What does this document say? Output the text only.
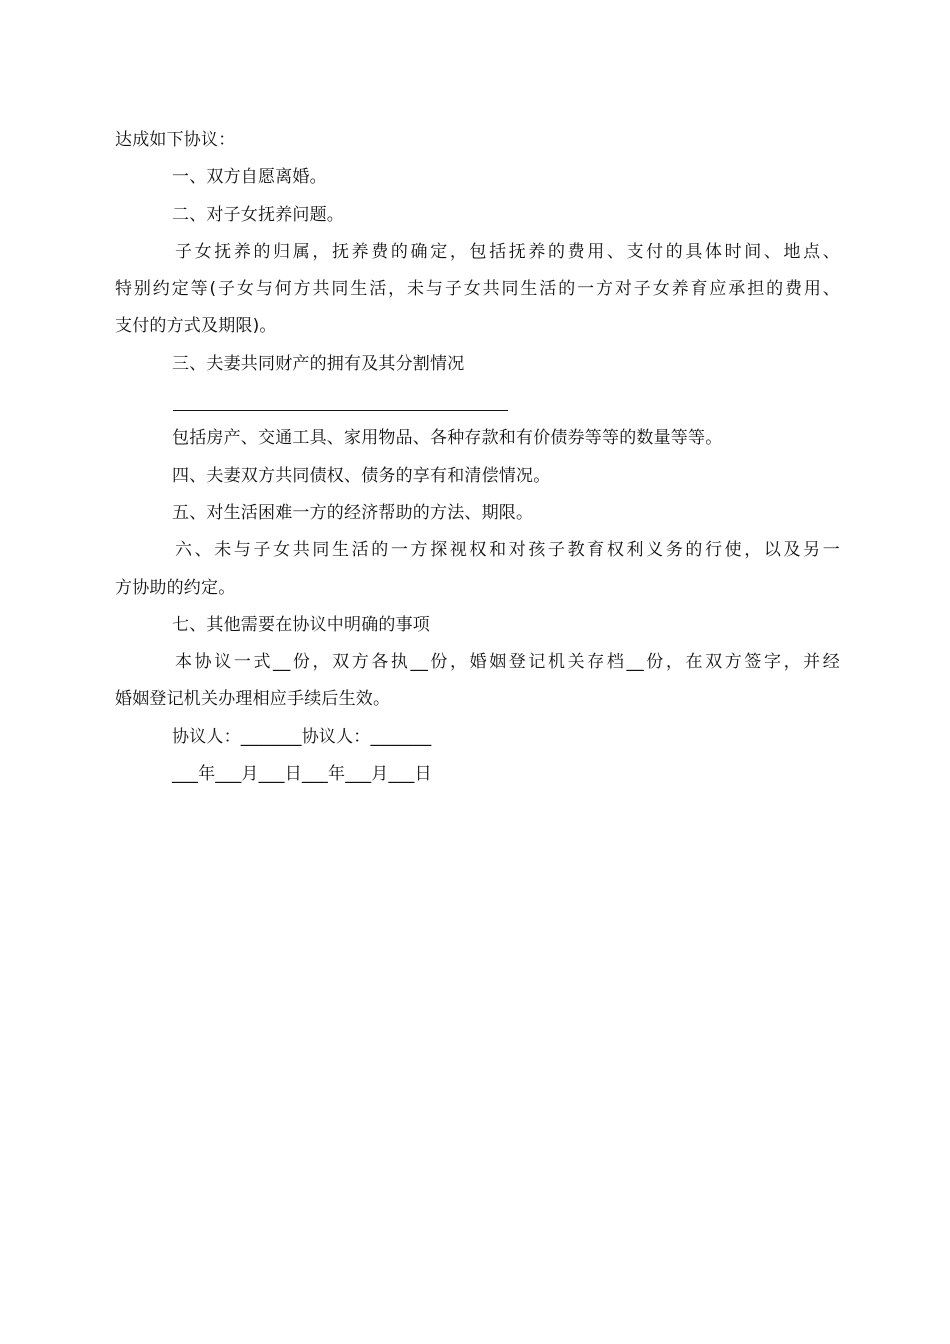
达成如下协议：
一、双方自愿离婚。
二、对子女抚养问题。
子女抚养的归属，抚养费的确定，包括抚养的费用、支付的具体时间、地点、
特别约定等(子女与何方共同生活，未与子女共同生活的一方对子女养育应承担的费用、
支付的方式及期限)。
三、夫妻共同财产的拥有及其分割情况
包括房产、交通工具、家用物品、各种存款和有价债券等等的数量等等。
四、夫妻双方共同债权、债务的享有和清偿情况。
五、对生活困难一方的经济帮助的方法、期限。
六、未与子女共同生活的一方探视权和对孩子教育权利义务的行使，以及另一
方协助的约定。
七、其他需要在协议中明确的事项
本协议一式__份，双方各执__份，婚姻登记机关存档__份，在双方签字，并经
婚姻登记机关办理相应手续后生效。
协议人：_______协议人：_______
___年___月___日___年___月___日
